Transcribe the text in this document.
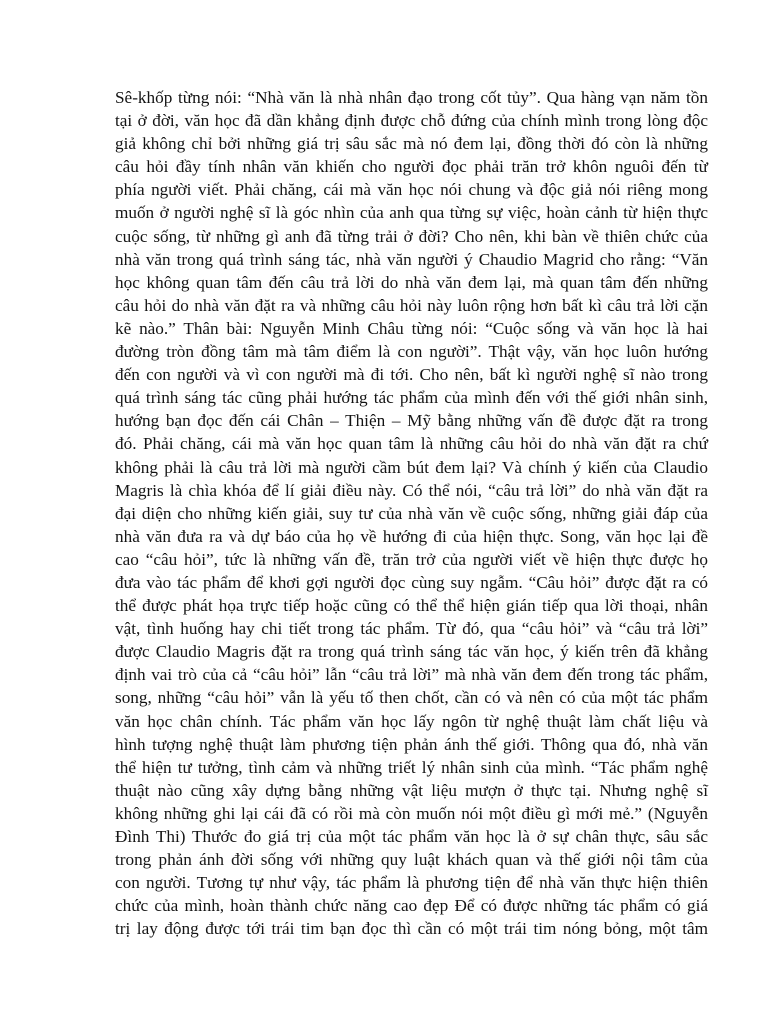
Sê-khốp từng nói: “Nhà văn là nhà nhân đạo trong cốt tủy”. Qua hàng vạn năm tồn
tại ở đời, văn học đã dần khẳng định được chỗ đứng của chính mình trong lòng độc
giả không chỉ bởi những giá trị sâu sắc mà nó đem lại, đồng thời đó còn là những
câu hỏi đầy tính nhân văn khiến cho người đọc phải trăn trở khôn nguôi đến từ
phía người viết. Phải chăng, cái mà văn học nói chung và độc giả nói riêng mong
muốn ở người nghệ sĩ là góc nhìn của anh qua từng sự việc, hoàn cảnh từ hiện thực
cuộc sống, từ những gì anh đã từng trải ở đời? Cho nên, khi bàn về thiên chức của
nhà văn trong quá trình sáng tác, nhà văn người ý Chaudio Magrid cho rằng: “Văn
học không quan tâm đến câu trả lời do nhà văn đem lại, mà quan tâm đến những
câu hỏi do nhà văn đặt ra và những câu hỏi này luôn rộng hơn bất kì câu trả lời cặn
kẽ nào.” Thân bài: Nguyễn Minh Châu từng nói: “Cuộc sống và văn học là hai
đường tròn đồng tâm mà tâm điểm là con người”. Thật vậy, văn học luôn hướng
đến con người và vì con người mà đi tới. Cho nên, bất kì người nghệ sĩ nào trong
quá trình sáng tác cũng phải hướng tác phẩm của mình đến với thế giới nhân sinh,
hướng bạn đọc đến cái Chân – Thiện – Mỹ bằng những vấn đề được đặt ra trong
đó. Phải chăng, cái mà văn học quan tâm là những câu hỏi do nhà văn đặt ra chứ
không phải là câu trả lời mà người cầm bút đem lại? Và chính ý kiến của Claudio
Magris là chìa khóa để lí giải điều này. Có thể nói, “câu trả lời” do nhà văn đặt ra
đại diện cho những kiến giải, suy tư của nhà văn về cuộc sống, những giải đáp của
nhà văn đưa ra và dự báo của họ về hướng đi của hiện thực. Song, văn học lại đề
cao “câu hỏi”, tức là những vấn đề, trăn trở của người viết về hiện thực được họ
đưa vào tác phẩm để khơi gợi người đọc cùng suy ngẫm. “Câu hỏi” được đặt ra có
thể được phát họa trực tiếp hoặc cũng có thể thể hiện gián tiếp qua lời thoại, nhân
vật, tình huống hay chi tiết trong tác phẩm. Từ đó, qua “câu hỏi” và “câu trả lời”
được Claudio Magris đặt ra trong quá trình sáng tác văn học, ý kiến trên đã khẳng
định vai trò của cả “câu hỏi” lẫn “câu trả lời” mà nhà văn đem đến trong tác phẩm,
song, những “câu hỏi” vẫn là yếu tố then chốt, cần có và nên có của một tác phẩm
văn học chân chính. Tác phẩm văn học lấy ngôn từ nghệ thuật làm chất liệu và
hình tượng nghệ thuật làm phương tiện phản ánh thế giới. Thông qua đó, nhà văn
thể hiện tư tưởng, tình cảm và những triết lý nhân sinh của mình. “Tác phẩm nghệ
thuật nào cũng xây dựng bằng những vật liệu mượn ở thực tại. Nhưng nghệ sĩ
không những ghi lại cái đã có rồi mà còn muốn nói một điều gì mới mẻ.” (Nguyễn
Đình Thi) Thước đo giá trị của một tác phẩm văn học là ở sự chân thực, sâu sắc
trong phản ánh đời sống với những quy luật khách quan và thế giới nội tâm của
con người. Tương tự như vậy, tác phẩm là phương tiện để nhà văn thực hiện thiên
chức của mình, hoàn thành chức năng cao đẹp Để có được những tác phẩm có giá
trị lay động được tới trái tim bạn đọc thì cần có một trái tim nóng bỏng, một tâm
